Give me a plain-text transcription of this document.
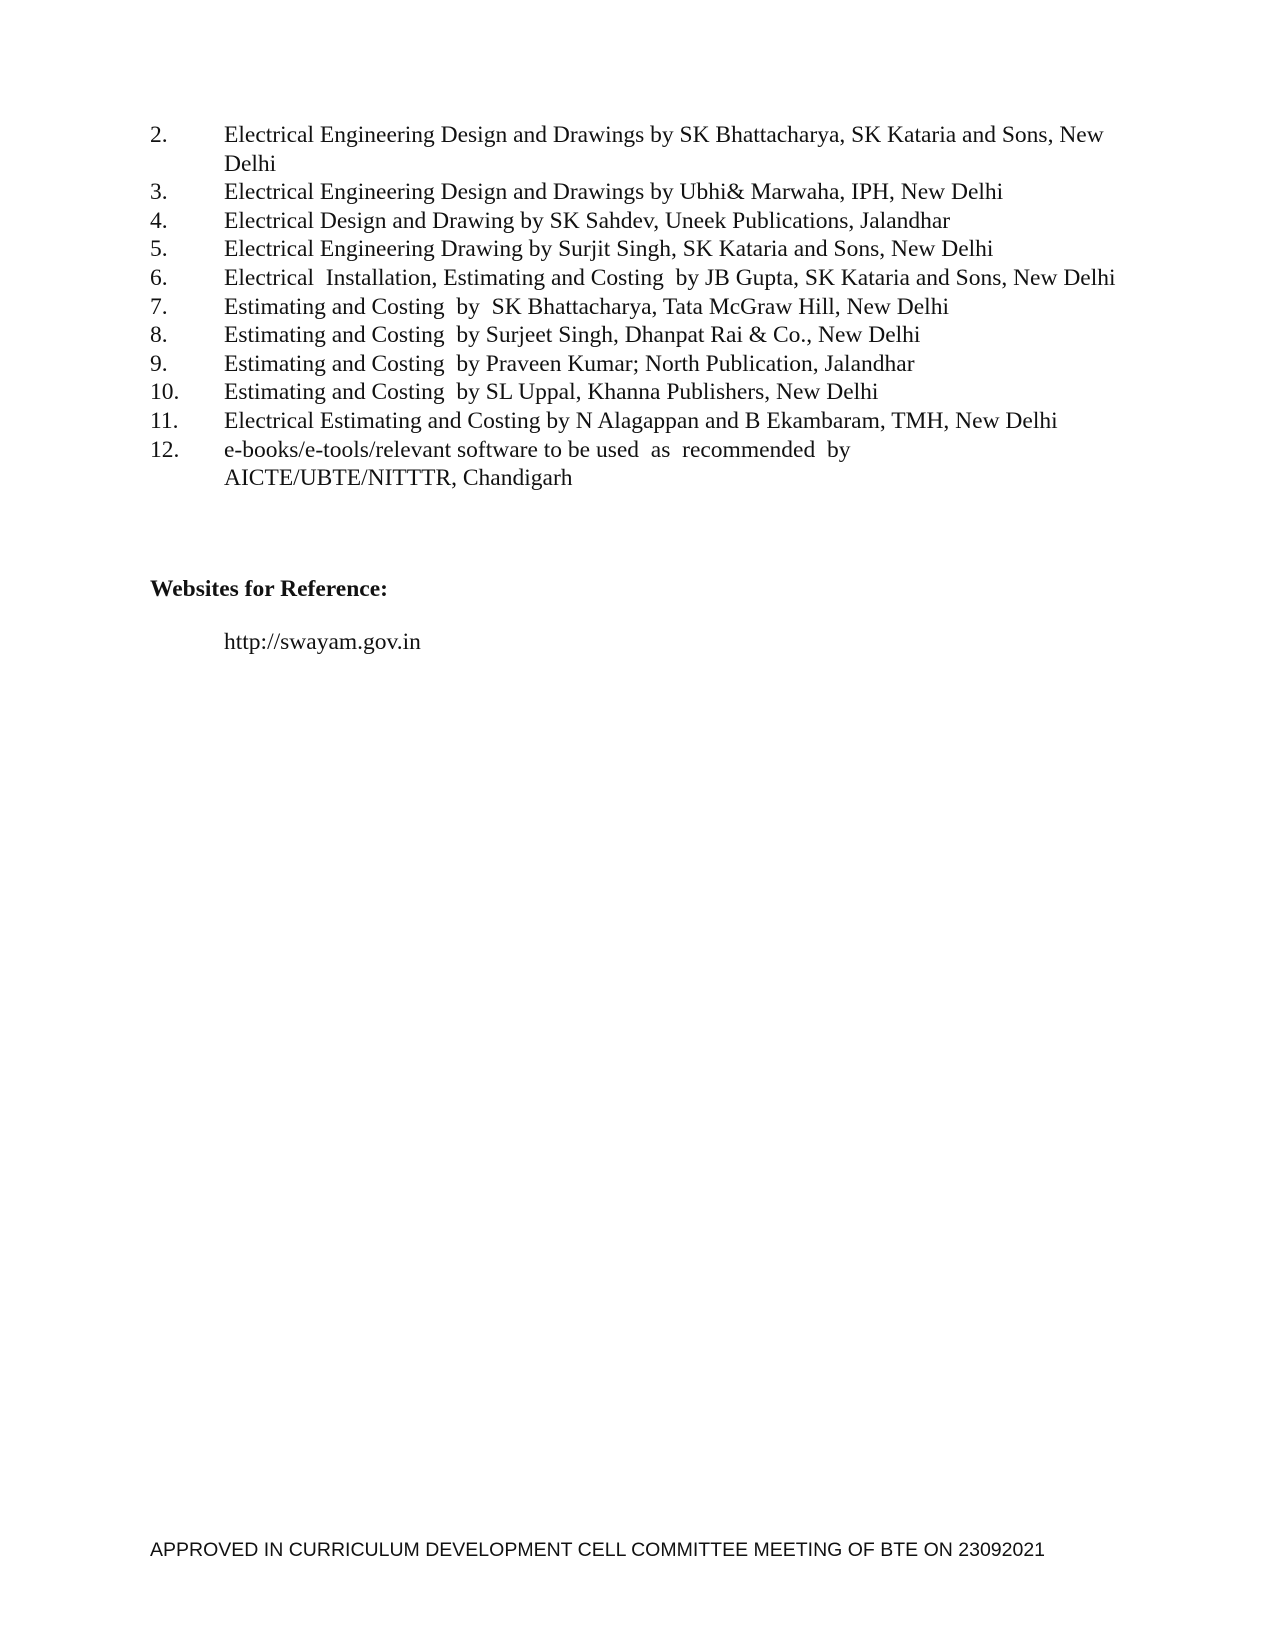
2.	Electrical Engineering Design and Drawings by SK Bhattacharya, SK Kataria and Sons, New Delhi
3.	Electrical Engineering Design and Drawings by Ubhi& Marwaha, IPH, New Delhi
4.	Electrical Design and Drawing by SK Sahdev, Uneek Publications, Jalandhar
5.	Electrical Engineering Drawing by Surjit Singh, SK Kataria and Sons, New Delhi
6.	Electrical  Installation, Estimating and Costing  by JB Gupta, SK Kataria and Sons, New Delhi
7.	Estimating and Costing  by  SK Bhattacharya, Tata McGraw Hill, New Delhi
8.	Estimating and Costing  by Surjeet Singh, Dhanpat Rai & Co., New Delhi
9.	Estimating and Costing  by Praveen Kumar; North Publication, Jalandhar
10.	Estimating and Costing  by SL Uppal, Khanna Publishers, New Delhi
11.	Electrical Estimating and Costing by N Alagappan and B Ekambaram, TMH, New Delhi
12.	e-books/e-tools/relevant software to be used  as  recommended  by
AICTE/UBTE/NITTTR, Chandigarh
Websites for Reference:
http://swayam.gov.in
APPROVED IN CURRICULUM DEVELOPMENT CELL COMMITTEE MEETING OF BTE ON 23092021
